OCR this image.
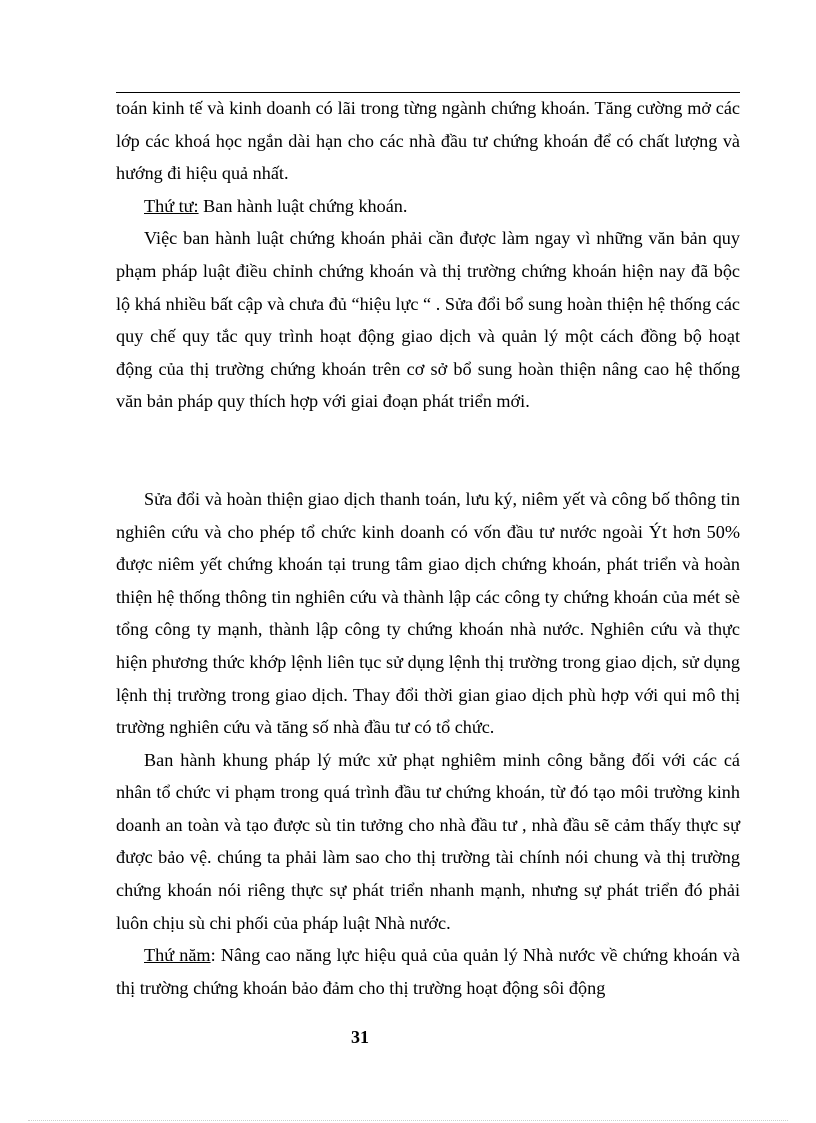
toán kinh tế và kinh doanh có lãi trong từng ngành chứng khoán. Tăng cường mở các lớp các khoá học ngắn dài hạn cho các nhà đầu tư chứng khoán để có chất lượng và hướng đi hiệu quả nhất.

Thứ tư: Ban hành luật chứng khoán.

Việc ban hành luật chứng khoán phải cần được làm ngay vì những văn bản quy phạm pháp luật điều chỉnh chứng khoán và thị trường chứng khoán hiện nay đã bộc lộ khá nhiều bất cập và chưa đủ “hiệu lực “ . Sửa đổi bổ sung hoàn thiện hệ thống các quy chế quy tắc quy trình hoạt động giao dịch và quản lý một cách đồng bộ hoạt động của thị trường chứng khoán trên cơ sở bổ sung hoàn thiện nâng cao hệ thống văn bản pháp quy thích hợp với giai đoạn phát triển mới.

Sửa đổi và hoàn thiện giao dịch thanh toán, lưu ký, niêm yết và công bố thông tin nghiên cứu và cho phép tổ chức kinh doanh có vốn đầu tư nước ngoài Ýt hơn 50% được niêm yết chứng khoán tại trung tâm giao dịch chứng khoán, phát triển và hoàn thiện hệ thống thông tin nghiên cứu và thành lập các công ty chứng khoán của mét sè tổng công ty mạnh, thành lập công ty chứng khoán nhà nước. Nghiên cứu và thực hiện phương thức khớp lệnh liên tục sử dụng lệnh thị trường trong giao dịch, sử dụng lệnh thị trường trong giao dịch. Thay đổi thời gian giao dịch phù hợp với qui mô thị trường nghiên cứu và tăng số nhà đầu tư có tổ chức.

Ban hành khung pháp lý mức xử phạt nghiêm minh công bằng đối với các cá nhân tổ chức vi phạm trong quá trình đầu tư chứng khoán, từ đó tạo môi trường kinh doanh an toàn và tạo được sù tin tưởng cho nhà đầu tư , nhà đầu sẽ cảm thấy thực sự được bảo vệ. chúng ta phải làm sao cho thị trường tài chính nói chung và thị trường chứng khoán nói riêng thực sự phát triển nhanh mạnh, nhưng sự phát triển đó phải luôn chịu sù chi phối của pháp luật Nhà nước.

Thứ năm: Nâng cao năng lực hiệu quả của quản lý Nhà nước về chứng khoán và thị trường chứng khoán bảo đảm cho thị trường hoạt động sôi động

31
